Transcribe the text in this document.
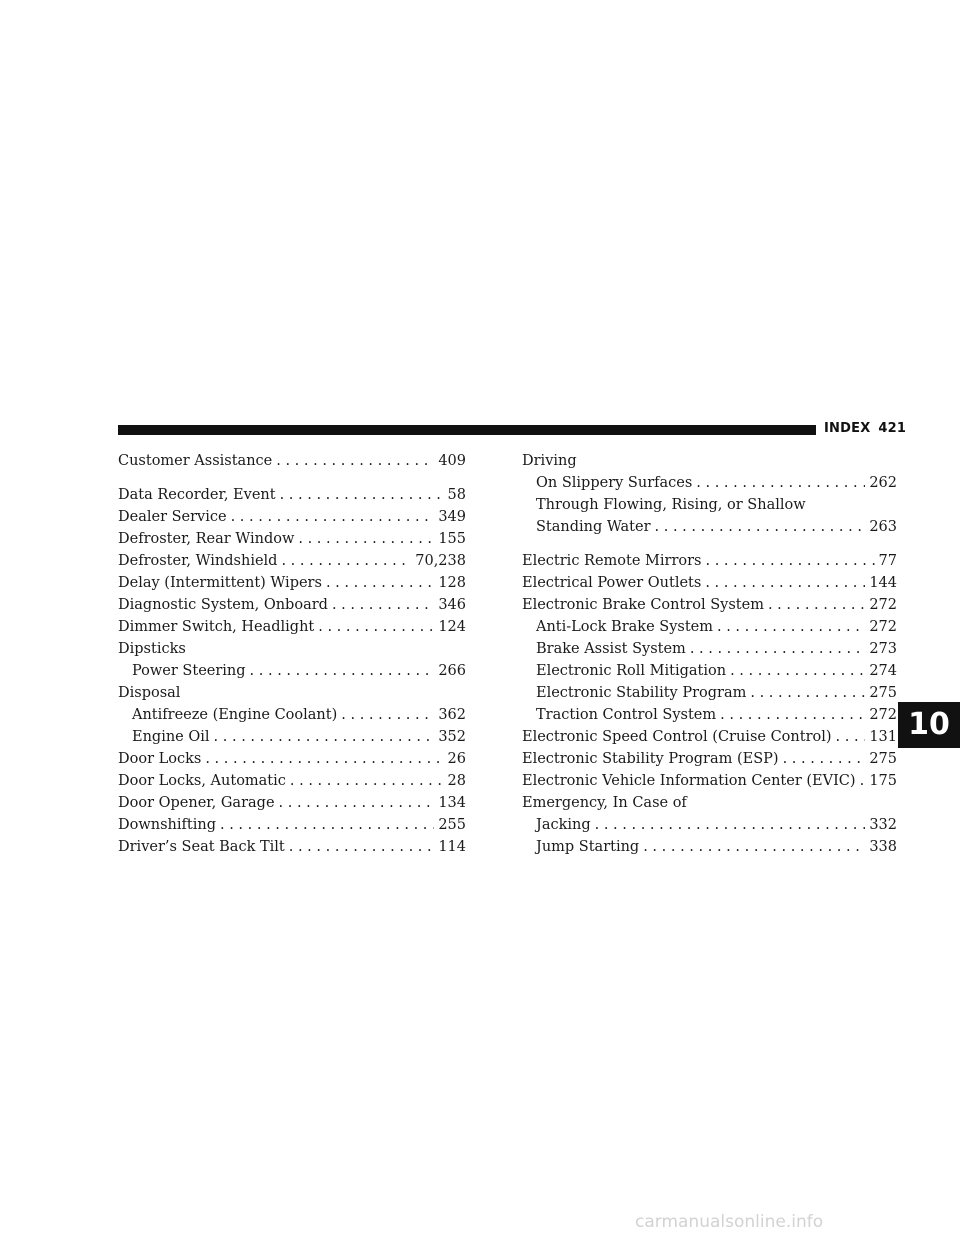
INDEX 421
Customer Assistance . . .	409
Data Recorder, Event . . .	58
Dealer Service . . .	349
Defroster, Rear Window . . .	155
Defroster, Windshield . . .	70,238
Delay (Intermittent) Wipers . . .	128
Diagnostic System, Onboard . . .	346
Dimmer Switch, Headlight . . .	124
Dipsticks
Power Steering . . .	266
Disposal
Antifreeze (Engine Coolant) . . .	362
Engine Oil . . .	352
Door Locks . . .	26
Door Locks, Automatic . . .	28
Door Opener, Garage . . .	134
Downshifting . . .	255
Driver’s Seat Back Tilt . . .	114
Driving
On Slippery Surfaces . . .	262
Through Flowing, Rising, or Shallow
Standing Water . . .	263
Electric Remote Mirrors . . .	77
Electrical Power Outlets . . .	144
Electronic Brake Control System . . .	272
Anti-Lock Brake System . . .	272
Brake Assist System . . .	273
Electronic Roll Mitigation . . .	274
Electronic Stability Program . . .	275
Traction Control System . . .	272
Electronic Speed Control (Cruise Control) . . .	131
Electronic Stability Program (ESP) . . .	275
Electronic Vehicle Information Center (EVIC) . . . 175
Emergency, In Case of
Jacking . . .	332
Jump Starting . . .	338
10
carmanualsonline.info
